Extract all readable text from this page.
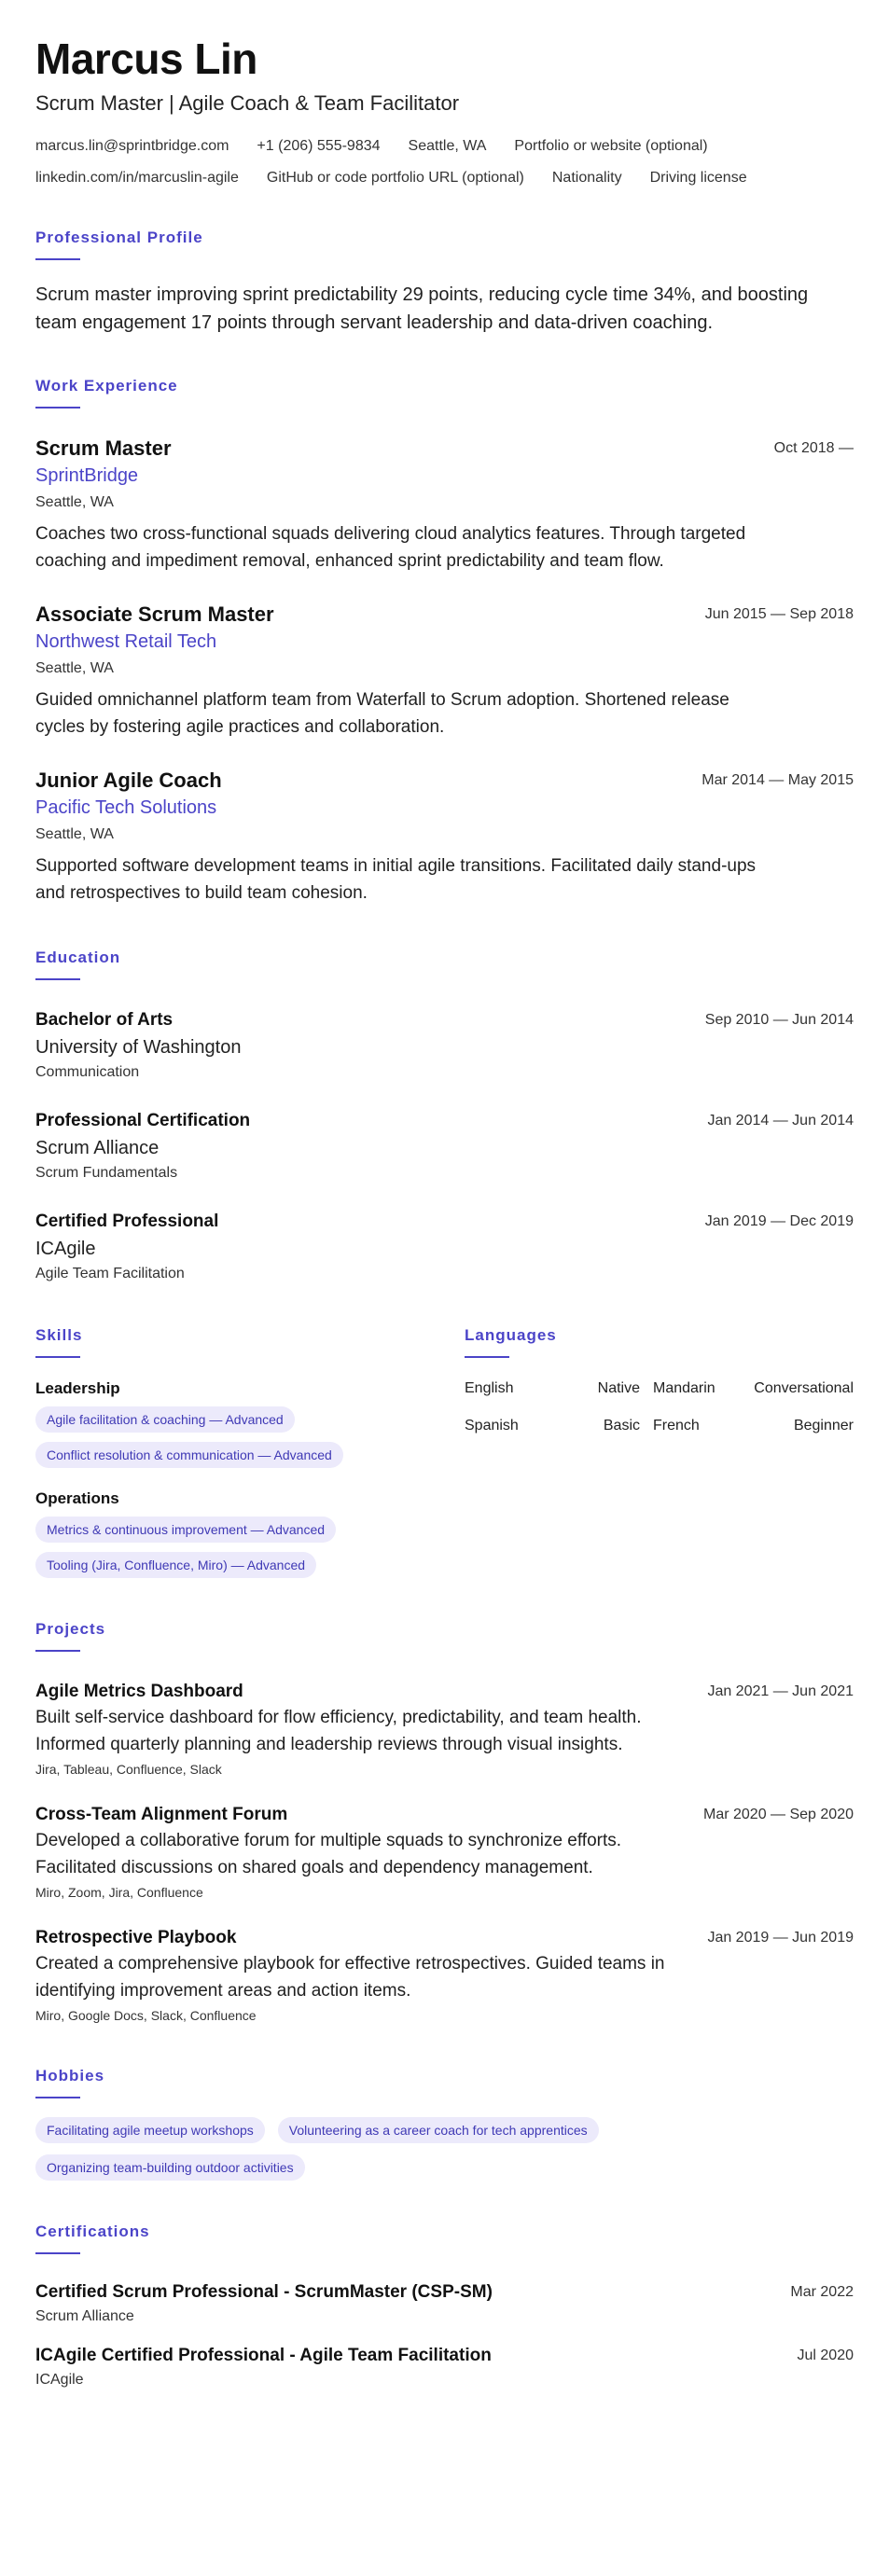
Marcus Lin
Scrum Master | Agile Coach & Team Facilitator
marcus.lin@sprintbridge.com +1 (206) 555-9834 Seattle, WA Portfolio or website (optional)
linkedin.com/in/marcuslin-agile GitHub or code portfolio URL (optional) Nationality Driving license
Professional Profile
Scrum master improving sprint predictability 29 points, reducing cycle time 34%, and boosting team engagement 17 points through servant leadership and data-driven coaching.
Work Experience
Scrum Master
SprintBridge
Seattle, WA
Coaches two cross-functional squads delivering cloud analytics features. Through targeted coaching and impediment removal, enhanced sprint predictability and team flow.
Oct 2018 —
Associate Scrum Master
Northwest Retail Tech
Seattle, WA
Guided omnichannel platform team from Waterfall to Scrum adoption. Shortened release cycles by fostering agile practices and collaboration.
Jun 2015 — Sep 2018
Junior Agile Coach
Pacific Tech Solutions
Seattle, WA
Supported software development teams in initial agile transitions. Facilitated daily stand-ups and retrospectives to build team cohesion.
Mar 2014 — May 2015
Education
Bachelor of Arts
University of Washington
Communication
Sep 2010 — Jun 2014
Professional Certification
Scrum Alliance
Scrum Fundamentals
Jan 2014 — Jun 2014
Certified Professional
ICAgile
Agile Team Facilitation
Jan 2019 — Dec 2019
Skills
Leadership
Agile facilitation & coaching — Advanced
Conflict resolution & communication — Advanced
Operations
Metrics & continuous improvement — Advanced
Tooling (Jira, Confluence, Miro) — Advanced
Languages
English	Native Mandarin	Conversational
Spanish	Basic French	Beginner
Projects
Agile Metrics Dashboard
Built self-service dashboard for flow efficiency, predictability, and team health. Informed quarterly planning and leadership reviews through visual insights.
Jira, Tableau, Confluence, Slack
Jan 2021 — Jun 2021
Cross-Team Alignment Forum
Developed a collaborative forum for multiple squads to synchronize efforts. Facilitated discussions on shared goals and dependency management.
Miro, Zoom, Jira, Confluence
Mar 2020 — Sep 2020
Retrospective Playbook
Created a comprehensive playbook for effective retrospectives. Guided teams in identifying improvement areas and action items.
Miro, Google Docs, Slack, Confluence
Jan 2019 — Jun 2019
Hobbies
Facilitating agile meetup workshops	Volunteering as a career coach for tech apprentices
Organizing team-building outdoor activities
Certifications
Certified Scrum Professional - ScrumMaster (CSP-SM)
Scrum Alliance
Mar 2022
ICAgile Certified Professional - Agile Team Facilitation
ICAgile
Jul 2020
